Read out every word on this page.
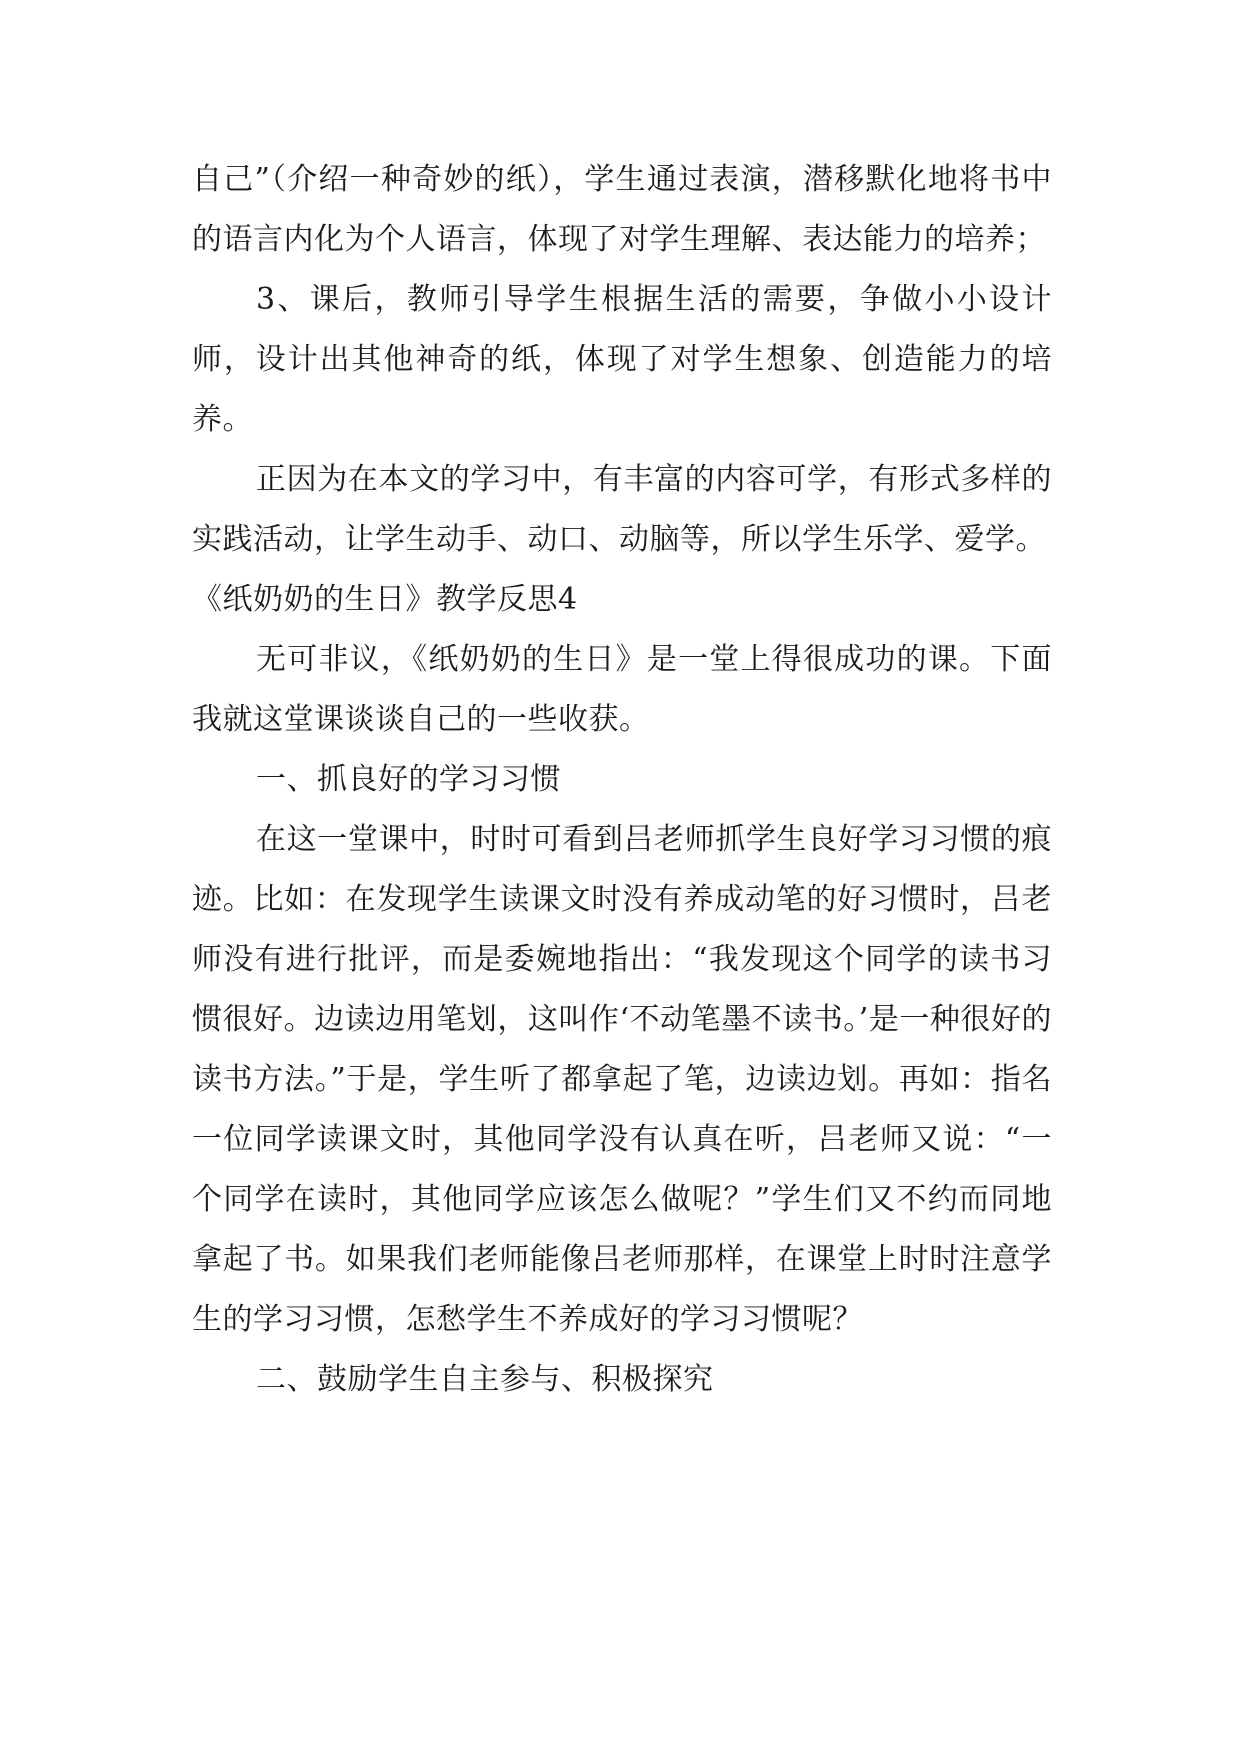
自己”（介绍一种奇妙的纸），学生通过表演，潜移默化地将书中的语言内化为个人语言，体现了对学生理解、表达能力的培养；

3、课后，教师引导学生根据生活的需要，争做小小设计师，设计出其他神奇的纸，体现了对学生想象、创造能力的培养。

正因为在本文的学习中，有丰富的内容可学，有形式多样的实践活动，让学生动手、动口、动脑等，所以学生乐学、爱学。

《纸奶奶的生日》教学反思4

无可非议，《纸奶奶的生日》是一堂上得很成功的课。下面我就这堂课谈谈自己的一些收获。

一、抓良好的学习习惯

在这一堂课中，时时可看到吕老师抓学生良好学习习惯的痕迹。比如：在发现学生读课文时没有养成动笔的好习惯时，吕老师没有进行批评，而是委婉地指出：“我发现这个同学的读书习惯很好。边读边用笔划，这叫作‘不动笔墨不读书。’是一种很好的读书方法。”于是，学生听了都拿起了笔，边读边划。再如：指名一位同学读课文时，其他同学没有认真在听，吕老师又说：“一个同学在读时，其他同学应该怎么做呢？”学生们又不约而同地拿起了书。如果我们老师能像吕老师那样，在课堂上时时注意学生的学习习惯，怎愁学生不养成好的学习习惯呢？

二、鼓励学生自主参与、积极探究
